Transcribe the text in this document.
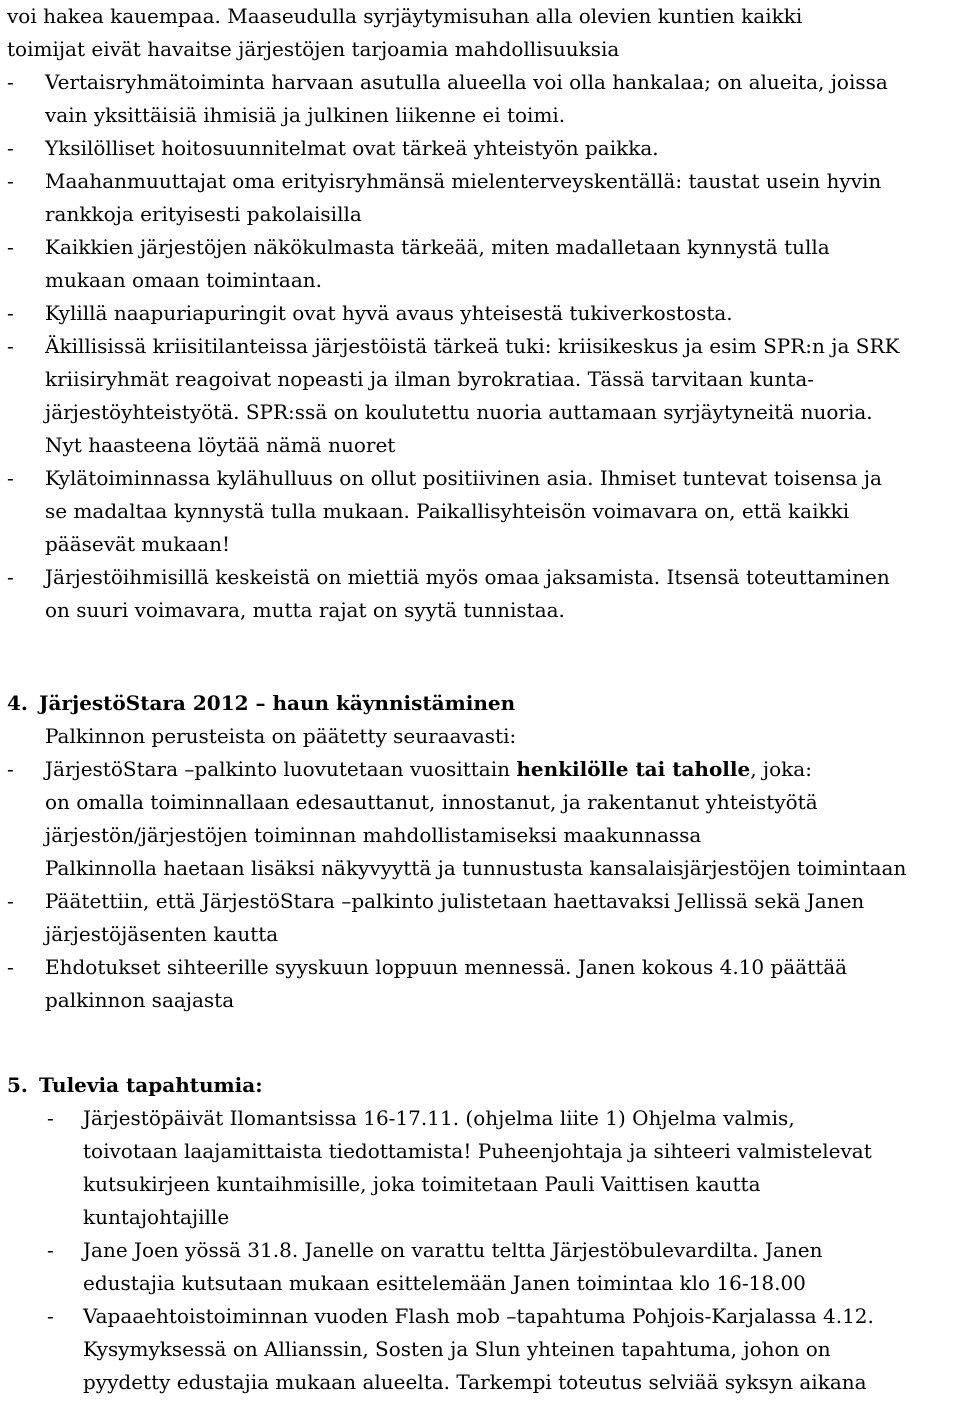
voi hakea kauempaa. Maaseudulla syrjäytymisuhan alla olevien kuntien kaikki
toimijat eivät havaitse järjestöjen tarjoamia mahdollisuuksia
-	Vertaisryhmätoiminta harvaan asutulla alueella voi olla hankalaa; on alueita, joissa
vain yksittäisiä ihmisiä ja julkinen liikenne ei toimi.
-	Yksilölliset hoitosuunnitelmat ovat tärkeä yhteistyön paikka.
-	Maahanmuuttajat oma erityisryhmänsä mielenterveyskentällä: taustat usein hyvin
rankkoja erityisesti pakolaisilla
-	Kaikkien järjestöjen näkökulmasta tärkeää, miten madalletaan kynnystä tulla
mukaan omaan toimintaan.
-	Kylillä naapuriapuringit ovat hyvä avaus yhteisestä tukiverkostosta.
-	Äkillisissä kriisitilanteissa järjestöistä tärkeä tuki: kriisikeskus ja esim SPR:n ja SRK
kriisiryhmät reagoivat nopeasti ja ilman byrokratiaa. Tässä tarvitaan kunta-
järjestöyhteistyötä. SPR:ssä on koulutettu nuoria auttamaan syrjäytyneitä nuoria.
Nyt haasteena löytää nämä nuoret
-	Kylätoiminnassa kylähulluus on ollut positiivinen asia. Ihmiset tuntevat toisensa ja
se madaltaa kynnystä tulla mukaan. Paikallisyhteisön voimavara on, että kaikki
pääsevät mukaan!
-	Järjestöihmisillä keskeistä on miettiä myös omaa jaksamista. Itsensä toteuttaminen
on suuri voimavara, mutta rajat on syytä tunnistaa.
4. JärjestöStara 2012 – haun käynnistäminen
Palkinnon perusteista on päätetty seuraavasti:
-	JärjestöStara –palkinto luovutetaan vuosittain henkilölle tai taholle, joka:
on omalla toiminnallaan edesauttanut, innostanut, ja rakentanut yhteistyötä
järjestön/järjestöjen toiminnan mahdollistamiseksi maakunnassa
Palkinnolla haetaan lisäksi näkyvyyttä ja tunnustusta kansalaisjärjestöjen toimintaan
-	Päätettiin, että JärjestöStara –palkinto julistetaan haettavaksi Jellissä sekä Janen
järjestöjäsenten kautta
-	Ehdotukset sihteerille syyskuun loppuun mennessä. Janen kokous 4.10 päättää
palkinnon saajasta
5. Tulevia tapahtumia:
-	Järjestöpäivät Ilomantsissa 16-17.11. (ohjelma liite 1) Ohjelma valmis,
toivotaan laajamittaista tiedottamista! Puheenjohtaja ja sihteeri valmistelevat
kutsukirjeen kuntaihmisille, joka toimitetaan Pauli Vaittisen kautta
kuntajohtajille
-	Jane Joen yössä 31.8. Janelle on varattu teltta Järjestöbulevardilta. Janen
edustajia kutsutaan mukaan esittelemään Janen toimintaa klo 16-18.00
-	Vapaaehtoistoiminnan vuoden Flash mob –tapahtuma Pohjois-Karjalassa 4.12.
Kysymyksessä on Allianssin, Sosten ja Slun yhteinen tapahtuma, johon on
pyydetty edustajia mukaan alueelta. Tarkempi toteutus selviää syksyn aikana
